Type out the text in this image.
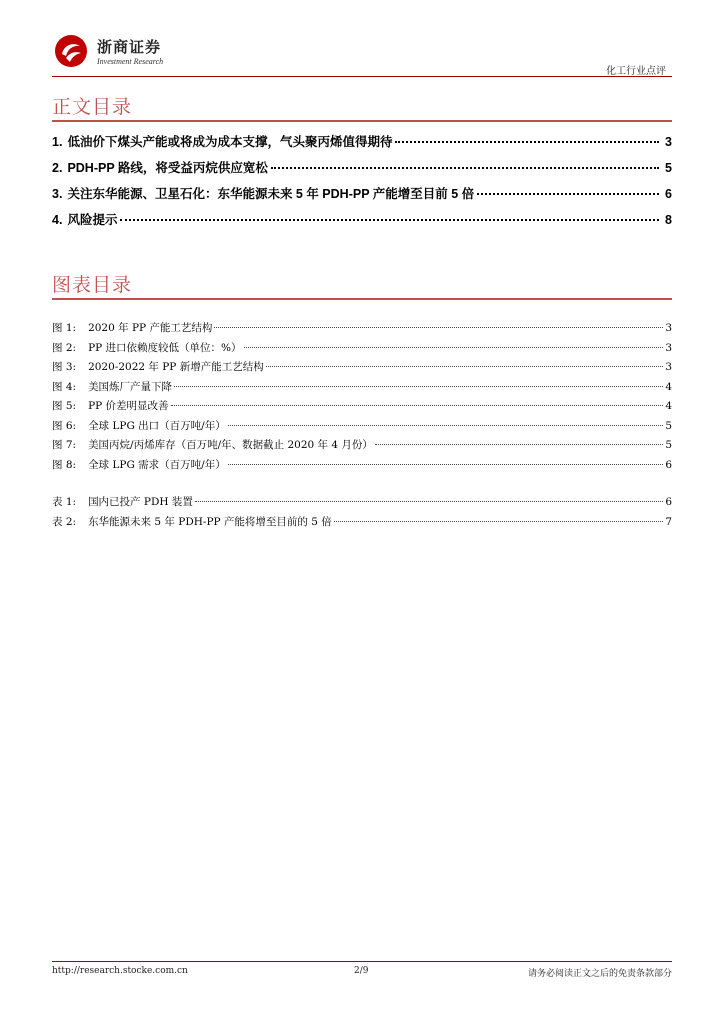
浙商证券
Investment Research
化工行业点评
正文目录
1. 低油价下煤头产能或将成为成本支撑，气头聚丙烯值得期待	3
2. PDH-PP 路线，将受益丙烷供应宽松	5
3. 关注东华能源、卫星石化：东华能源未来 5 年 PDH-PP 产能增至目前 5 倍	6
4. 风险提示	8
图表目录
图 1: 2020 年 PP 产能工艺结构	3
图 2: PP 进口依赖度较低（单位：%）	3
图 3: 2020-2022 年 PP 新增产能工艺结构	3
图 4: 美国炼厂产量下降	4
图 5: PP 价差明显改善	4
图 6: 全球 LPG 出口（百万吨/年）	5
图 7: 美国丙烷/丙烯库存（百万吨/年、数据截止 2020 年 4 月份）	5
图 8: 全球 LPG 需求（百万吨/年）	6
表 1: 国内已投产 PDH 装置	6
表 2: 东华能源未来 5 年 PDH-PP 产能将增至目前的 5 倍	7
http://research.stocke.com.cn	2/9	请务必阅读正文之后的免责条款部分
